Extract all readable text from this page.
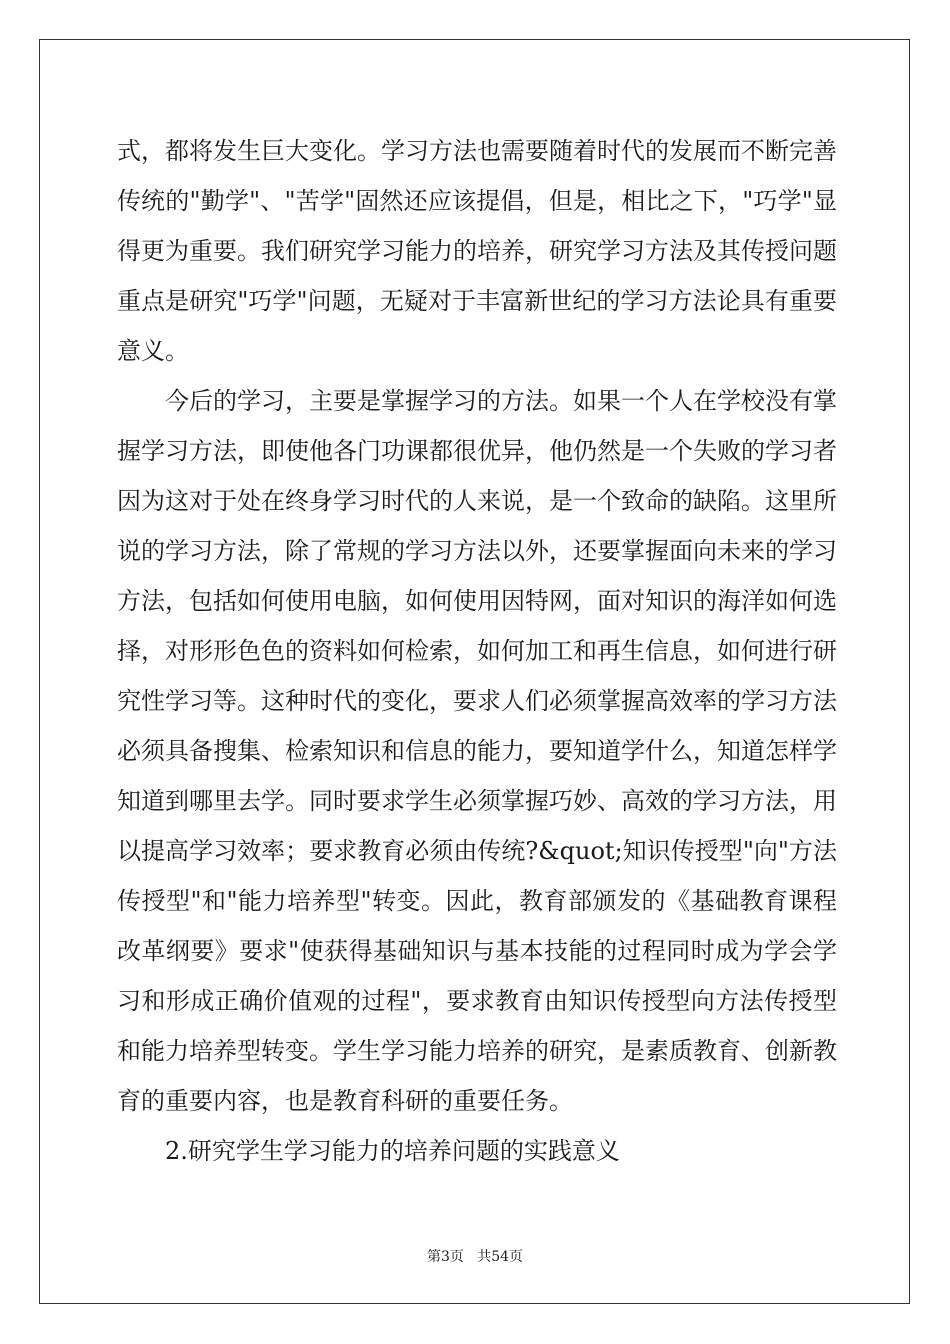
式，都将发生巨大变化。学习方法也需要随着时代的发展而不断完善
传统的"勤学"、"苦学"固然还应该提倡，但是，相比之下，"巧学"显
得更为重要。我们研究学习能力的培养，研究学习方法及其传授问题
重点是研究"巧学"问题，无疑对于丰富新世纪的学习方法论具有重要
意义。
今后的学习，主要是掌握学习的方法。如果一个人在学校没有掌
握学习方法，即使他各门功课都很优异，他仍然是一个失败的学习者
因为这对于处在终身学习时代的人来说，是一个致命的缺陷。这里所
说的学习方法，除了常规的学习方法以外，还要掌握面向未来的学习
方法，包括如何使用电脑，如何使用因特网，面对知识的海洋如何选
择，对形形色色的资料如何检索，如何加工和再生信息，如何进行研
究性学习等。这种时代的变化，要求人们必须掌握高效率的学习方法
必须具备搜集、检索知识和信息的能力，要知道学什么，知道怎样学
知道到哪里去学。同时要求学生必须掌握巧妙、高效的学习方法，用
以提高学习效率；要求教育必须由传统?&quot;知识传授型"向"方法
传授型"和"能力培养型"转变。因此，教育部颁发的《基础教育课程
改革纲要》要求"使获得基础知识与基本技能的过程同时成为学会学
习和形成正确价值观的过程"，要求教育由知识传授型向方法传授型
和能力培养型转变。学生学习能力培养的研究，是素质教育、创新教
育的重要内容，也是教育科研的重要任务。
2.研究学生学习能力的培养问题的实践意义
第3页   共54页
